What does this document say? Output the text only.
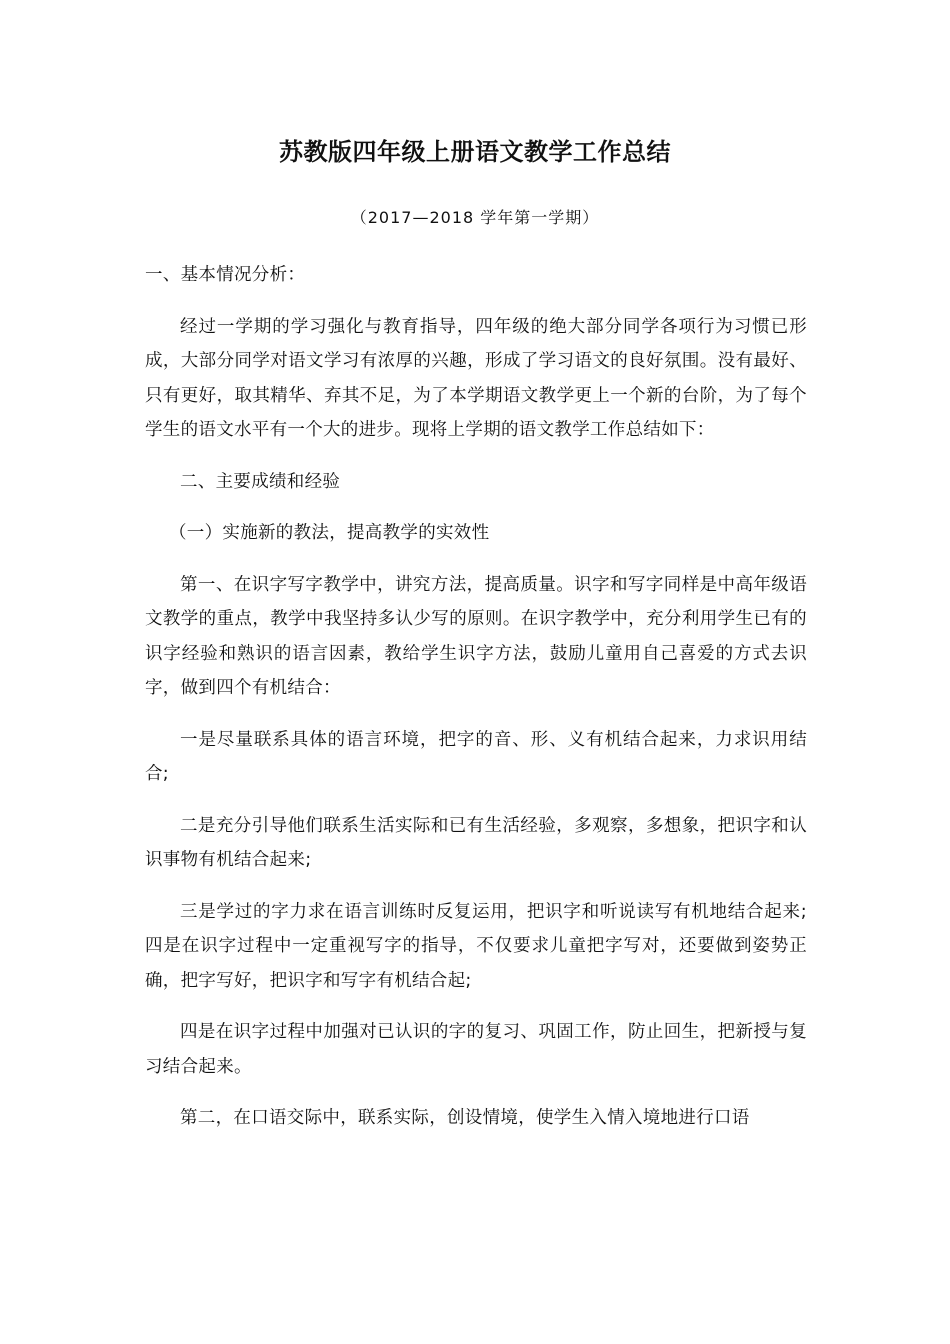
苏教版四年级上册语文教学工作总结

（2017—2018 学年第一学期）

一、基本情况分析：

经过一学期的学习强化与教育指导，四年级的绝大部分同学各项行为习惯已形成，大部分同学对语文学习有浓厚的兴趣，形成了学习语文的良好氛围。没有最好、只有更好，取其精华、弃其不足，为了本学期语文教学更上一个新的台阶，为了每个学生的语文水平有一个大的进步。现将上学期的语文教学工作总结如下：

二、主要成绩和经验

（一）实施新的教法，提高教学的实效性

第一、在识字写字教学中，讲究方法，提高质量。识字和写字同样是中高年级语文教学的重点，教学中我坚持多认少写的原则。在识字教学中，充分利用学生已有的识字经验和熟识的语言因素，教给学生识字方法，鼓励儿童用自己喜爱的方式去识字，做到四个有机结合：

一是尽量联系具体的语言环境，把字的音、形、义有机结合起来，力求识用结合;

二是充分引导他们联系生活实际和已有生活经验，多观察，多想象，把识字和认识事物有机结合起来;

三是学过的字力求在语言训练时反复运用，把识字和听说读写有机地结合起来;四是在识字过程中一定重视写字的指导，不仅要求儿童把字写对，还要做到姿势正确，把字写好，把识字和写字有机结合起;

四是在识字过程中加强对已认识的字的复习、巩固工作，防止回生，把新授与复习结合起来。

第二，在口语交际中，联系实际，创设情境，使学生入情入境地进行口语
